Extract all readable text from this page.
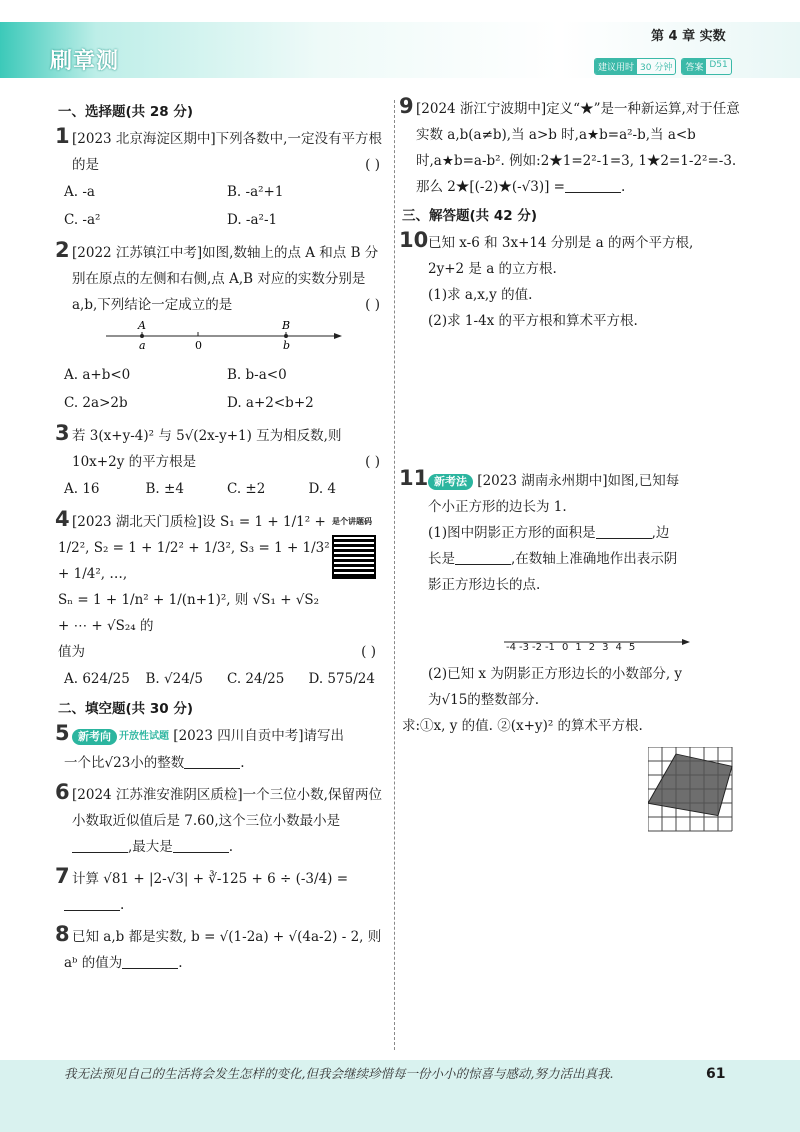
刷章测
第 4 章 实数
建议用时 30 分钟	答案 D51
一、选择题(共 28 分)
1 [2023 北京海淀区期中]下列各数中,一定没有平方根的是	( )
A. -a	B. -a²+1
C. -a²	D. -a²-1
2 [2022 江苏镇江中考]如图,数轴上的点 A 和点 B 分别在原点的左侧和右侧,点 A,B 对应的实数分别是 a,b,下列结论一定成立的是	( )
A	B
a	0	b
A. a+b<0	B. b-a<0
C. 2a>2b	D. a+2<b+2
3 若 3(x+y-4)² 与 5√(2x-y+1) 互为相反数,则 10x+2y 的平方根是	( )
A. 16	B. ±4	C. ±2	D. 4
4	是个讲题码
[2023 湖北天门质检]设 S₁ = 1 + 1/1² +
1/2², S₂ = 1 + 1/2² + 1/3², S₃ = 1 + 1/3² + 1/4², …,
Sₙ = 1 + 1/n² + 1/(n+1)², 则 √S₁ + √S₂ + ⋯ + √S₂₄ 的
值为	( )
A. 624/25	B. √24/5	C. 24/25	D. 575/24
二、填空题(共 30 分)
5 新考向 开放性试题 [2023 四川自贡中考]请写出
一个比√23小的整数	.
6 [2024 江苏淮安淮阴区质检]一个三位小数,保留两位小数取近似值后是 7.60,这个三位小数最小是,最大是	.
7 计算 √81 + |2-√3| + ∛-125 + 6 ÷ (-3/4) =
.
8 已知 a,b 都是实数, b = √(1-2a) + √(4a-2) - 2, 则
aᵇ 的值为	.
9 [2024 浙江宁波期中]定义“★”是一种新运算,对于任意实数 a,b(a≠b),当 a>b 时,a★b=a²-b,当 a<b 时,a★b=a-b². 例如:2★1=2²-1=3, 1★2=1-2²=-3. 那么 2★[(-2)★(-√3)] =	.
三、解答题(共 42 分)
10 已知 x-6 和 3x+14 分别是 a 的两个平方根,
2y+2 是 a 的立方根.
(1)求 a,x,y 的值.
(2)求 1-4x 的平方根和算术平方根.
11 新考法 [2023 湖南永州期中]如图,已知每
个小正方形的边长为 1.
(1)图中阴影正方形的面积是	,边
长是	,在数轴上准确地作出表示阴
影正方形边长的点.
-4 -3 -2 -1 0 1 2 3 4 5
(2)已知 x 为阴影正方形边长的小数部分, y
为√15的整数部分.
求:①x, y 的值. ②(x+y)² 的算术平方根.
我无法预见自己的生活将会发生怎样的变化,但我会继续珍惜每一份小小的惊喜与感动,努力活出真我.	61
